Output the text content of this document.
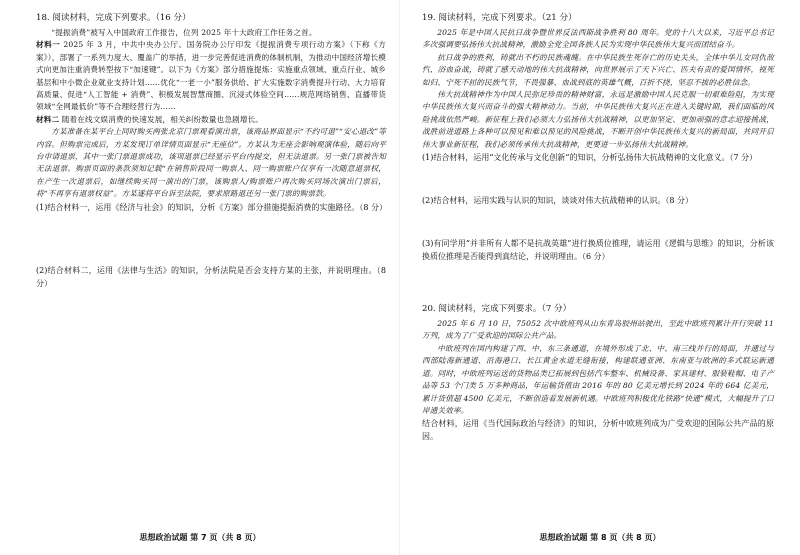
18. 阅读材料，完成下列要求。（16 分）

“提振消费”被写入中国政府工作报告，位列 2025 年十大政府工作任务之首。

材料一 2025 年 3 月，中共中央办公厅、国务院办公厅印发《提振消费专项行动方案》（下称《方案》），部署了一系列力度大、覆盖广的举措，进一步完善促进消费的体制机制，为推动中国经济增长模式向更加注重消费转型按下“加速键”。以下为《方案》部分措施提炼：实施重点领域、重点行业、城乡基层和中小微企业就业支持计划……优化“一老一小”服务供给、扩大实施数字消费提升行动、大力培育高质量、促进“人工智能 + 消费”、积极发展智慧商圈、沉浸式体验空间……规范网络销售、直播带货领域“全网最低价”等不合理经营行为……

材料二 随着在线文娱消费的快速发展，相关纠纷数量也急剧增长。

方某准备在某平台上同时购买两张北京门票观看演出票，该商品界面显示“不约可退”“安心退改”等内容。但购票完成后，方某发现订单详情页面显示“无座位”。方某认为无座会影响观演体验，随后向平台申请退票，其中一张门票退票成功，该项退票已经显示平台内提交，但无法退票。另一张门票被告知无法退票。购票页面的条款须知记载“在销售阶段同一购票人、同一购票账户仅享有一次随意退票权，在产生一次退票后，如继续购买同一演出的门票，该购票人/购票账户再次购买同场次演出门票后，将“不再享有退票权益”。方某遂将平台诉至法院，要求原路退还另一张门票的购票款。

(1)结合材料一，运用《经济与社会》的知识，分析《方案》部分措施提振消费的实施路径。（8 分）

(2)结合材料二，运用《法律与生活》的知识，分析法院是否会支持方某的主张，并说明理由。（8 分）

思想政治试题 第 7 页（共 8 页）

19. 阅读材料，完成下列要求。（21 分）

2025 年是中国人民抗日战争暨世界反法西斯战争胜利 80 周年。党的十八大以来，习近平总书记多次强调要弘扬伟大抗战精神，激励全党全国各族人民为实现中华民族伟大复兴而团结奋斗。

抗日战争的胜利，铸就出不朽的民族魂魄。在中华民族生死存亡的历史关头，全体中华儿女同仇敌忾、浴血奋战，铸就了感天动地的伟大抗战精神，向世界展示了天下兴亡、匹夫有责的爱国情怀，视死如归、宁死不屈的民族气节，不畏强暴、血战到底的英雄气概，百折不挠、坚忍不拔的必胜信念。

伟大抗战精神作为中国人民弥足珍贵的精神财富，永远是激励中国人民克服一切艰难险阻，为实现中华民族伟大复兴而奋斗的强大精神动力。当前，中华民族伟大复兴正在进入关键时期，我们面临的风险挑战依然严峻。新征程上我们必须大力弘扬伟大抗战精神，以更加坚定、更加顽强的意志迎接挑战，战胜前进道路上各种可以预见和难以预见的风险挑战，不断开创中华民族伟大复兴的新局面，共同开启伟大事业新征程，我们必须传承伟大抗战精神，更要进一步弘扬伟大抗战精神。

(1)结合材料，运用“文化传承与文化创新”的知识，分析弘扬伟大抗战精神的文化意义。（7 分）

(2)结合材料，运用实践与认识的知识，谈谈对伟大抗战精神的认识。（8 分）

(3)有同学用“并非所有人都不是抗战英雄”进行换质位推理，请运用《逻辑与思维》的知识，分析该换质位推理是否能得到真结论，并说明理由。（6 分）

20. 阅读材料，完成下列要求。（7 分）

2025 年 6 月 10 日，75052 次中欧班列从山东青岛胶州站驶出，至此中欧班列累计开行突破 11 万列，成为了广受欢迎的国际公共产品。

中欧班列在国内构建了西、中、东三条通道，在境外形成了北、中、南三线并行的局面，并通过与西部陆海新通道、沿海港口、长江黄金水道无缝衔接，构建联通亚洲、东南亚与欧洲的多式联运新通道。同时，中欧班列运送的货物品类已拓展到包括汽车整车、机械设备、家具建材、服装鞋帽、电子产品等 53 个门类 5 万多种商品，年运输货值由 2016 年的 80 亿美元增长到 2024 年的 664 亿美元，累计货值超 4500 亿美元，不断创造着发展新机遇。中欧班列积极优化铁路“快通”模式，大幅提升了口岸通关效率。

结合材料，运用《当代国际政治与经济》的知识，分析中欧班列成为广受欢迎的国际公共产品的原因。

思想政治试题 第 8 页（共 8 页）
